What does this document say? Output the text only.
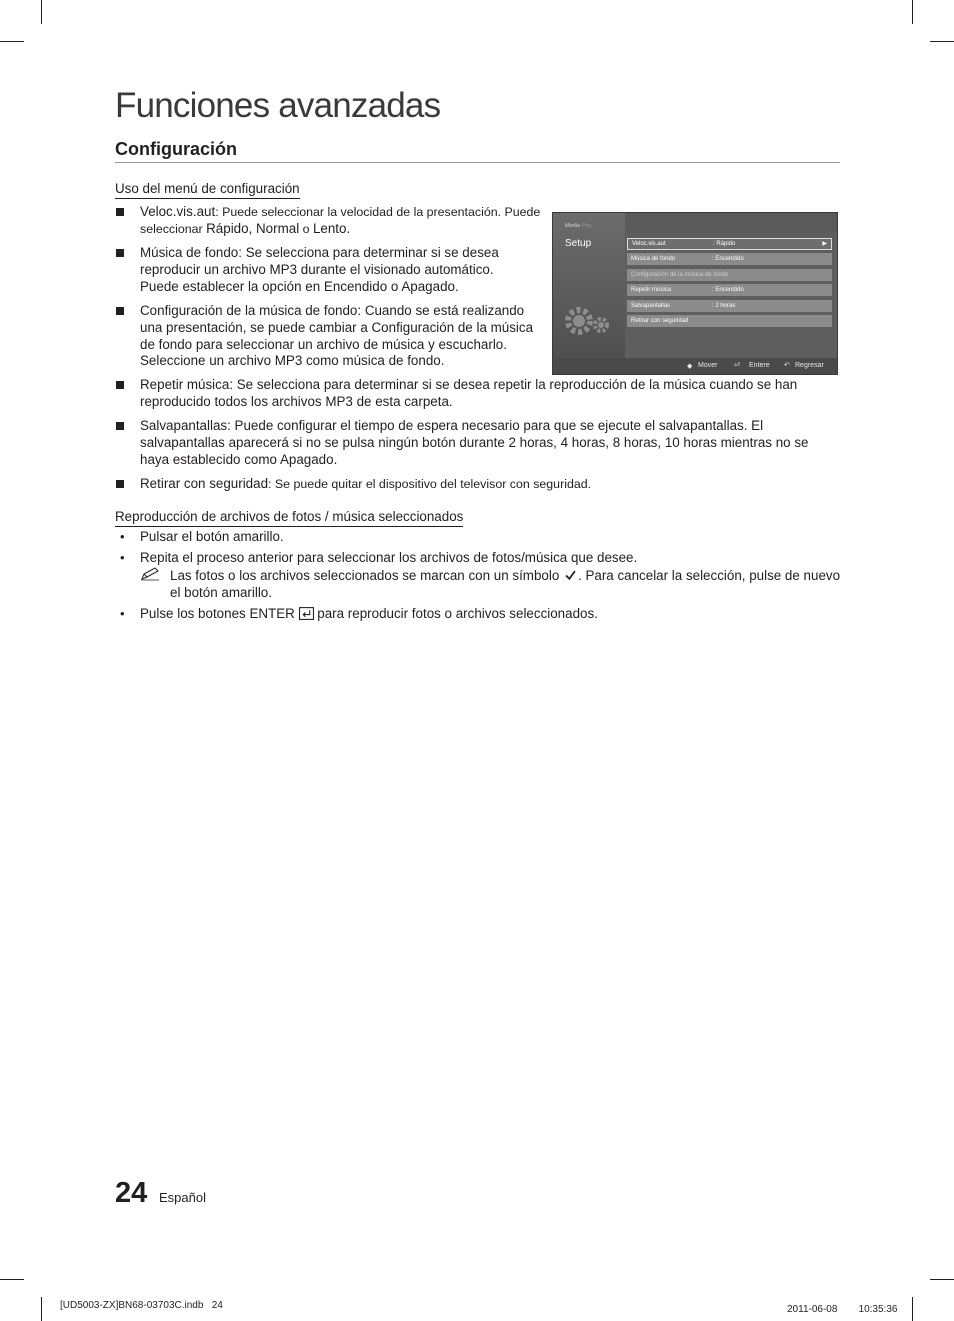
Funciones avanzadas
Configuración
Uso del menú de configuración
Veloc.vis.aut: Puede seleccionar la velocidad de la presentación. Puede seleccionar Rápido, Normal o Lento.
Música de fondo: Se selecciona para determinar si se desea reproducir un archivo MP3 durante el visionado automático. Puede establecer la opción en Encendido o Apagado.
Configuración de la música de fondo: Cuando se está realizando una presentación, se puede cambiar a Configuración de la música de fondo para seleccionar un archivo de música y escucharlo. Seleccione un archivo MP3 como música de fondo.
Media Play
Setup	Veloc.vis.aut	: Rápido	▶
Música de fondo	: Encendido
Configuración de la música de fondo
Repetir música	: Encendido
Salvapantallas	: 2 horas
Retirar con seguridad
◆ Mover ⏎ Entere ↶ Regresar
Repetir música: Se selecciona para determinar si se desea repetir la reproducción de la música cuando se han reproducido todos los archivos MP3 de esta carpeta.
Salvapantallas: Puede configurar el tiempo de espera necesario para que se ejecute el salvapantallas. El salvapantallas aparecerá si no se pulsa ningún botón durante 2 horas, 4 horas, 8 horas, 10 horas mientras no se haya establecido como Apagado.
Retirar con seguridad: Se puede quitar el dispositivo del televisor con seguridad.
Reproducción de archivos de fotos / música seleccionados
• Pulsar el botón amarillo.
• Repita el proceso anterior para seleccionar los archivos de fotos/música que desee.
Las fotos o los archivos seleccionados se marcan con un símbolo . Para cancelar la selección, pulse de nuevo el botón amarillo.
• Pulse los botones ENTER  para reproducir fotos o archivos seleccionados.
24 Español
[UD5003-ZX]BN68-03703C.indb   24	2011-06-08   　 10:35:36
